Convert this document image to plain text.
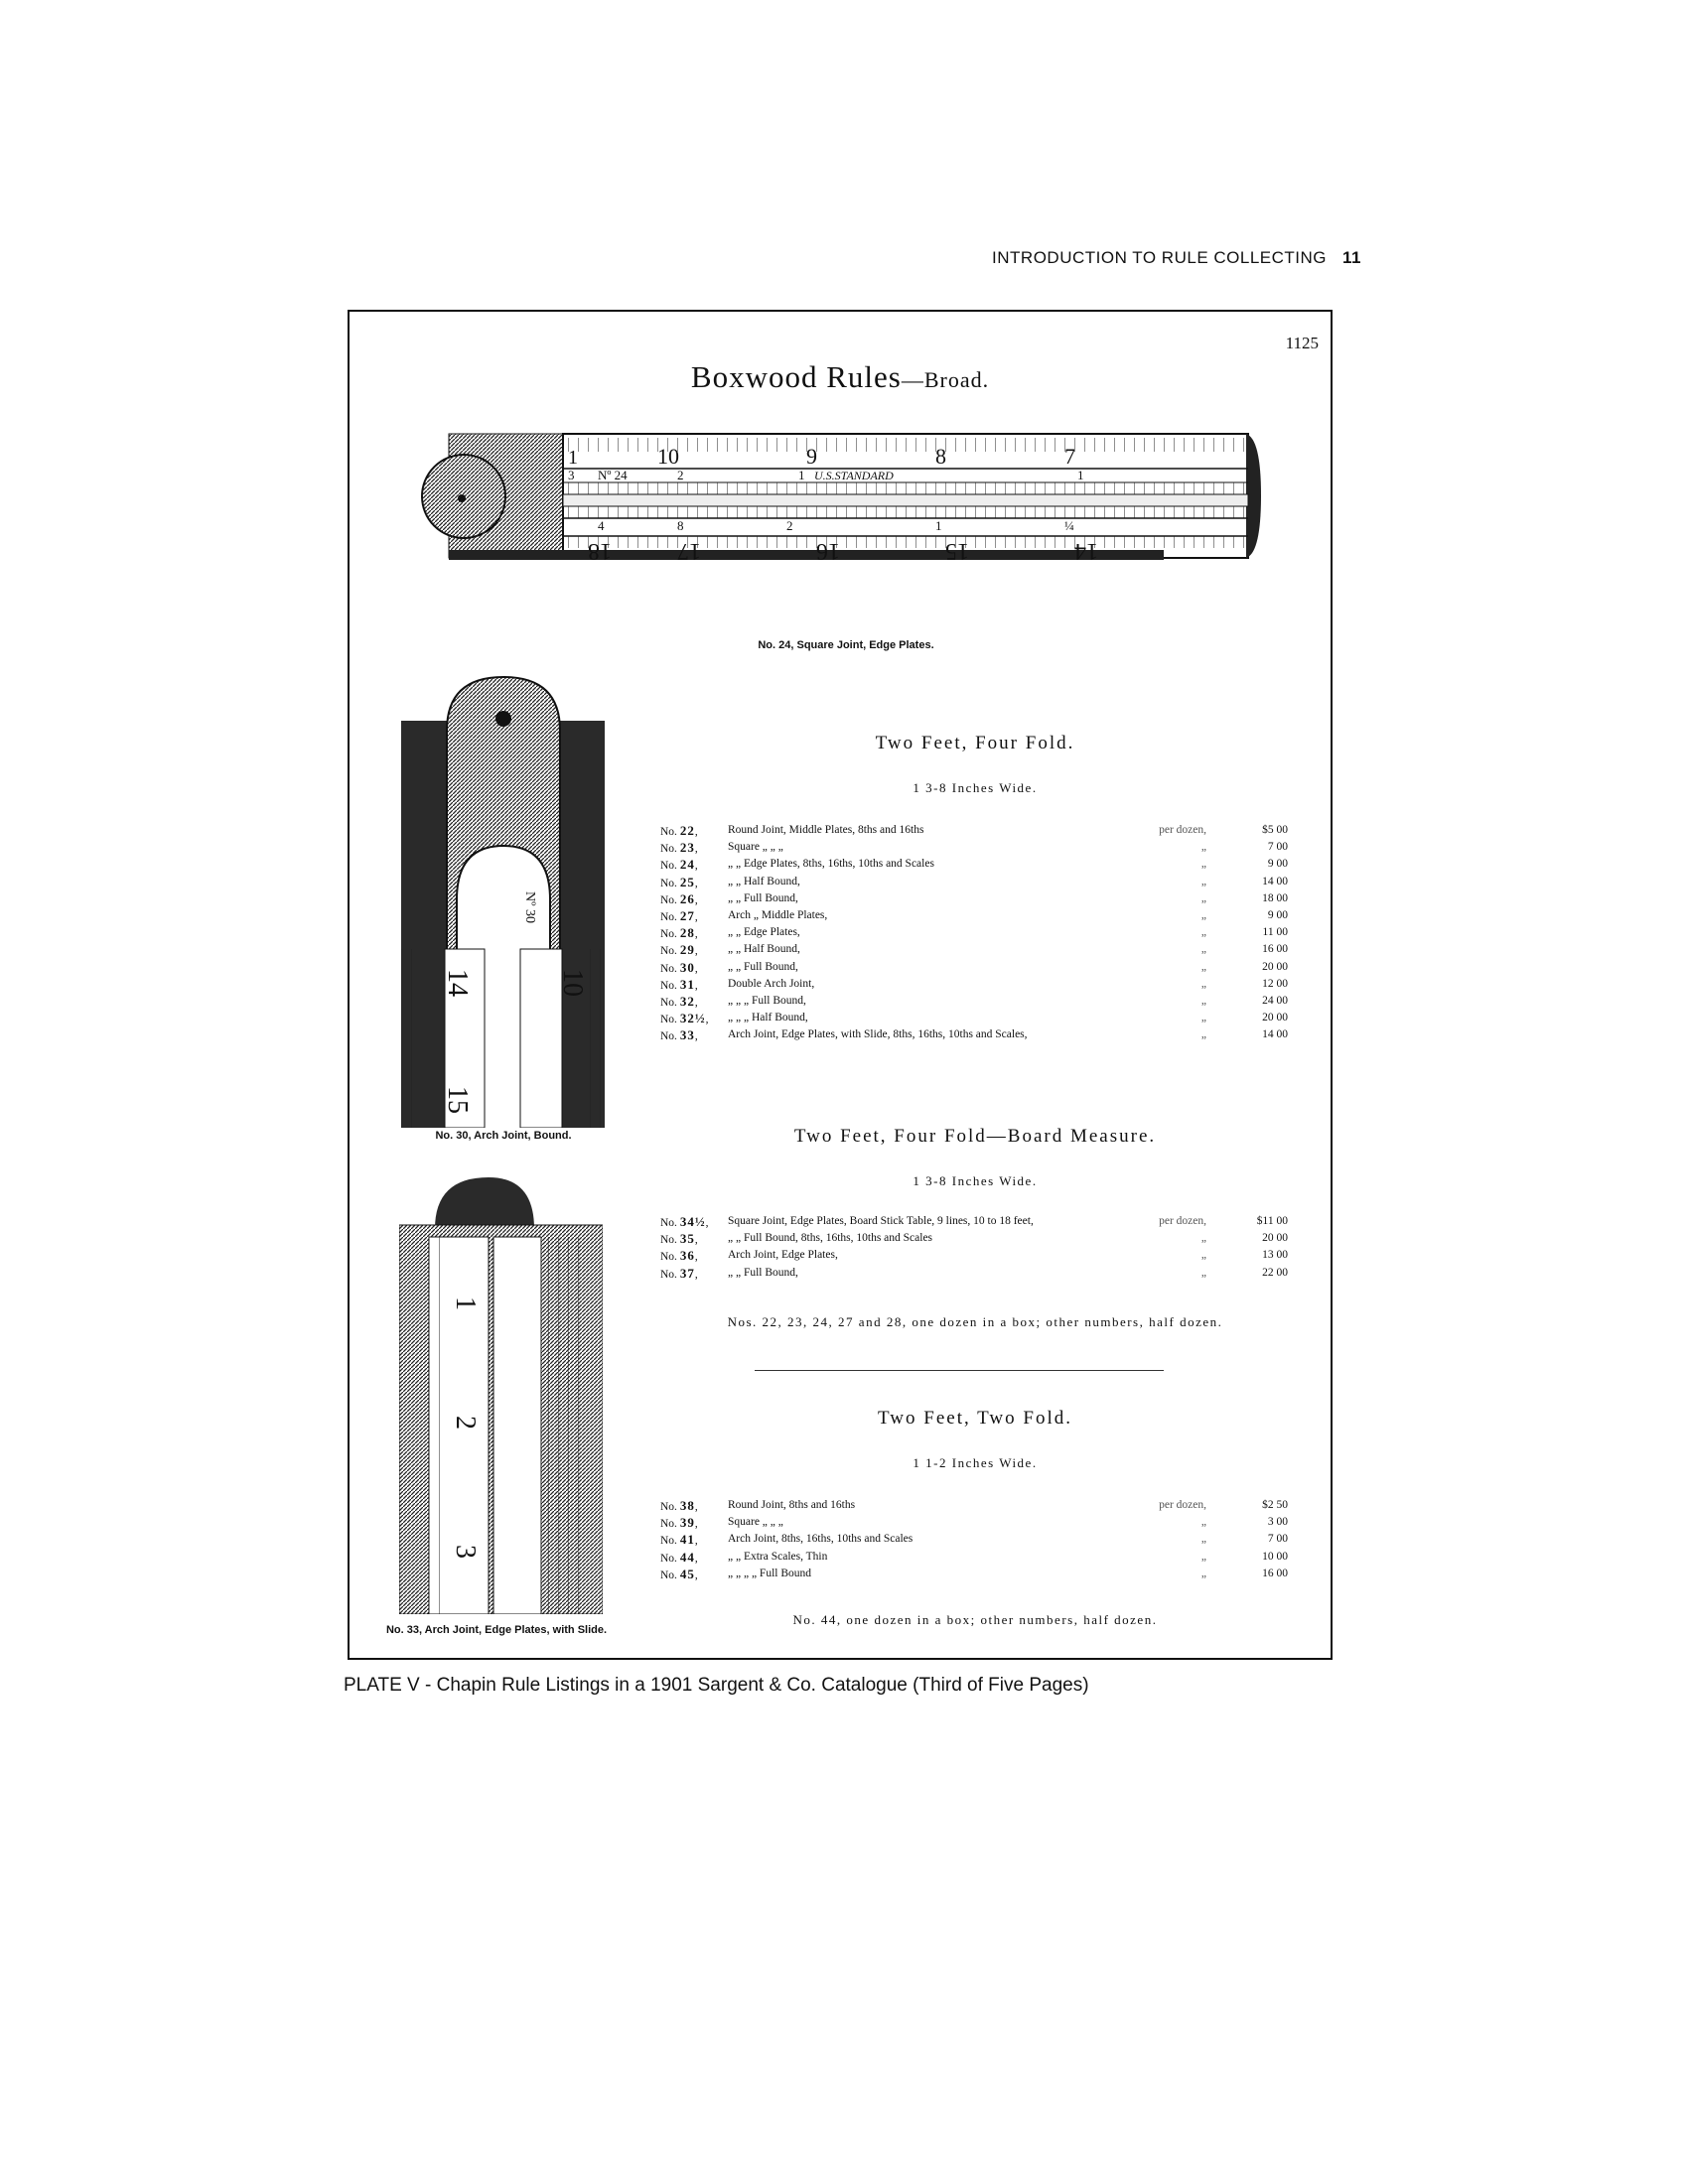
INTRODUCTION TO RULE COLLECTING 11
1125
Boxwood Rules—Broad.
1	10	9	8	7
3 Nº 24	2	1 U.S.STANDARD	1
4	8	2	1	¼
18	17	16	15	14
No. 24, Square Joint, Edge Plates.
Nº 30
14	10
15
No. 30, Arch Joint, Bound.
1
2
3
No. 33, Arch Joint, Edge Plates, with Slide.
Two Feet, Four Fold.
1 3-8 Inches Wide.
No. 22,	Round Joint, Middle Plates, 8ths and 16ths	per dozen,	$5 00
No. 23,	Square „ „ „	„	7 00
No. 24,	„ „ Edge Plates, 8ths, 16ths, 10ths and Scales	„	9 00
No. 25,	„ „ Half Bound,	„	14 00
No. 26,	„ „ Full Bound,	„	18 00
No. 27,	Arch „ Middle Plates,	„	9 00
No. 28,	„ „ Edge Plates,	„	11 00
No. 29,	„ „ Half Bound,	„	16 00
No. 30,	„ „ Full Bound,	„	20 00
No. 31,	Double Arch Joint,	„	12 00
No. 32,	„ „ „ Full Bound,	„	24 00
No. 32½,	„ „ „ Half Bound,	„	20 00
No. 33,	Arch Joint, Edge Plates, with Slide, 8ths, 16ths, 10ths and Scales,	„	14 00
Two Feet, Four Fold—Board Measure.
1 3-8 Inches Wide.
No. 34½,	Square Joint, Edge Plates, Board Stick Table, 9 lines, 10 to 18 feet,	per dozen,	$11 00
No. 35,	„ „ Full Bound, 8ths, 16ths, 10ths and Scales	„	20 00
No. 36,	Arch Joint, Edge Plates,	„	13 00
No. 37,	„ „ Full Bound,	„	22 00
Nos. 22, 23, 24, 27 and 28, one dozen in a box; other numbers, half dozen.
Two Feet, Two Fold.
1 1-2 Inches Wide.
No. 38,	Round Joint, 8ths and 16ths	per dozen,	$2 50
No. 39,	Square „ „ „	„	3 00
No. 41,	Arch Joint, 8ths, 16ths, 10ths and Scales	„	7 00
No. 44,	„ „ Extra Scales, Thin	„	10 00
No. 45,	„ „ „ „ Full Bound	„	16 00
No. 44, one dozen in a box; other numbers, half dozen.
PLATE V - Chapin Rule Listings in a 1901 Sargent & Co. Catalogue (Third of Five Pages)
